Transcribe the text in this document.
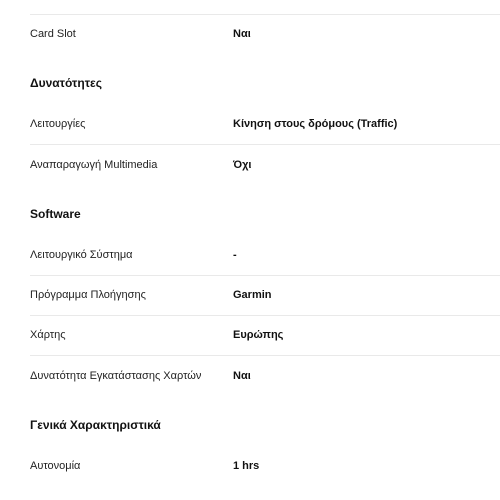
Card Slot	Ναι
Δυνατότητες
Λειτουργίες	Κίνηση στους δρόμους (Traffic)
Αναπαραγωγή Multimedia	Όχι
Software
Λειτουργικό Σύστημα	-
Πρόγραμμα Πλοήγησης	Garmin
Χάρτης	Ευρώπης
Δυνατότητα Εγκατάστασης Χαρτών	Ναι
Γενικά Χαρακτηριστικά
Αυτονομία	1 hrs
